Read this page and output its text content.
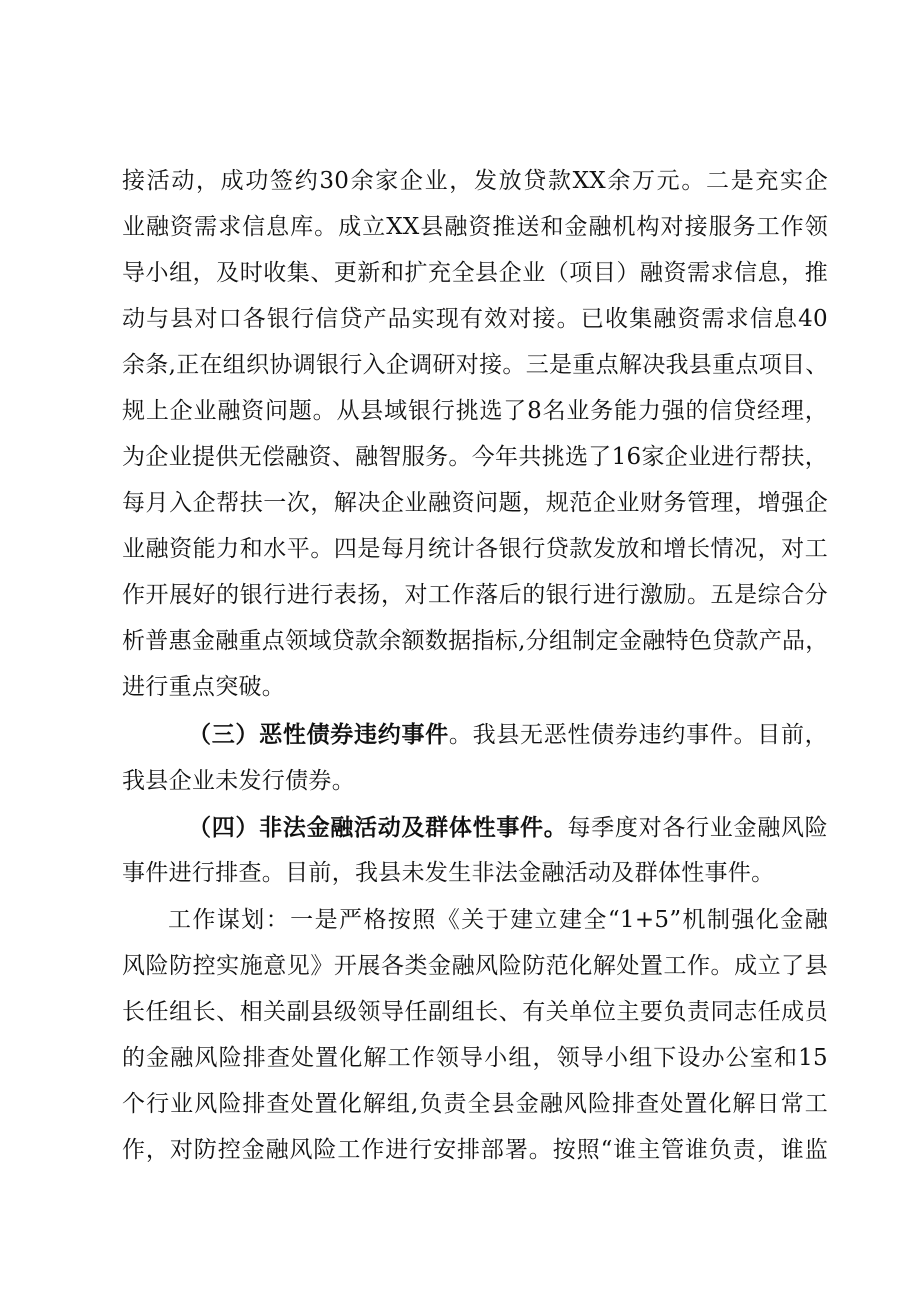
接活动，成功签约30余家企业，发放贷款XX余万元。二是充实企
业融资需求信息库。成立XX县融资推送和金融机构对接服务工作领
导小组，及时收集、更新和扩充全县企业（项目）融资需求信息，推
动与县对口各银行信贷产品实现有效对接。已收集融资需求信息40
余条,正在组织协调银行入企调研对接。三是重点解决我县重点项目、
规上企业融资问题。从县域银行挑选了8名业务能力强的信贷经理，
为企业提供无偿融资、融智服务。今年共挑选了16家企业进行帮扶，
每月入企帮扶一次，解决企业融资问题，规范企业财务管理，增强企
业融资能力和水平。四是每月统计各银行贷款发放和增长情况，对工
作开展好的银行进行表扬，对工作落后的银行进行激励。五是综合分
析普惠金融重点领域贷款余额数据指标,分组制定金融特色贷款产品，
进行重点突破。
（三）恶性债券违约事件。我县无恶性债券违约事件。目前，
我县企业未发行债券。
（四）非法金融活动及群体性事件。每季度对各行业金融风险
事件进行排查。目前，我县未发生非法金融活动及群体性事件。
工作谋划：一是严格按照《关于建立建全“1+5”机制强化金融
风险防控实施意见》开展各类金融风险防范化解处置工作。成立了县
长任组长、相关副县级领导任副组长、有关单位主要负责同志任成员
的金融风险排查处置化解工作领导小组，领导小组下设办公室和15
个行业风险排查处置化解组,负责全县金融风险排查处置化解日常工
作，对防控金融风险工作进行安排部署。按照“谁主管谁负责，谁监
